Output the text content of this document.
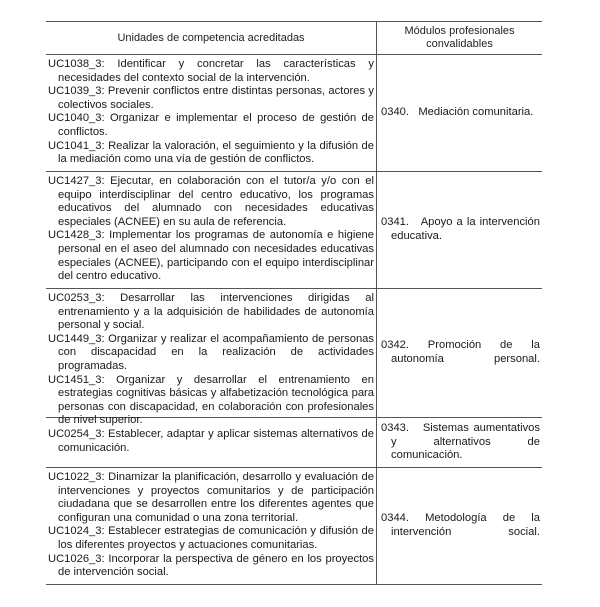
Unidades de competencia acreditadas
Módulos profesionales convalidables

UC1038_3: Identificar y concretar las características y necesidades del contexto social de la intervención.

UC1039_3: Prevenir conflictos entre distintas personas, actores y colectivos sociales.

UC1040_3: Organizar e implementar el proceso de gestión de conflictos.

UC1041_3: Realizar la valoración, el seguimiento y la difusión de la mediación como una vía de gestión de conflictos.

0340.   Mediación comunitaria.

UC1427_3: Ejecutar, en colaboración con el tutor/a y/o con el equipo interdisciplinar del centro educativo, los programas educativos del alumnado con necesidades educativas especiales (ACNEE) en su aula de referencia.

UC1428_3: Implementar los programas de autonomía e higiene personal en el aseo del alumnado con necesidades educativas especiales (ACNEE), participando con el equipo interdisciplinar del centro educativo.

0341.   Apoyo a la intervención educativa.

UC0253_3: Desarrollar las intervenciones dirigidas al entrenamiento y a la adquisición de habilidades de autonomía personal y social.

UC1449_3: Organizar y realizar el acompañamiento de personas con discapacidad en la realización de actividades programadas.

UC1451_3: Organizar y desarrollar el entrenamiento en estrategias cognitivas básicas y alfabetización tecnológica para personas con discapacidad, en colaboración con profesionales de nivel superior.

0342. Promoción de la autonomía personal.

UC0254_3: Establecer, adaptar y aplicar sistemas alternativos de comunicación.

0343.   Sistemas aumentativos y alternativos de comunicación.

UC1022_3: Dinamizar la planificación, desarrollo y evaluación de intervenciones y proyectos comunitarios y de participación ciudadana que se desarrollen entre los diferentes agentes que configuran una comunidad o una zona territorial.

UC1024_3: Establecer estrategias de comunicación y difusión de los diferentes proyectos y actuaciones comunitarias.

UC1026_3: Incorporar la perspectiva de género en los proyectos de intervención social.

0344. Metodología de la intervención social.
